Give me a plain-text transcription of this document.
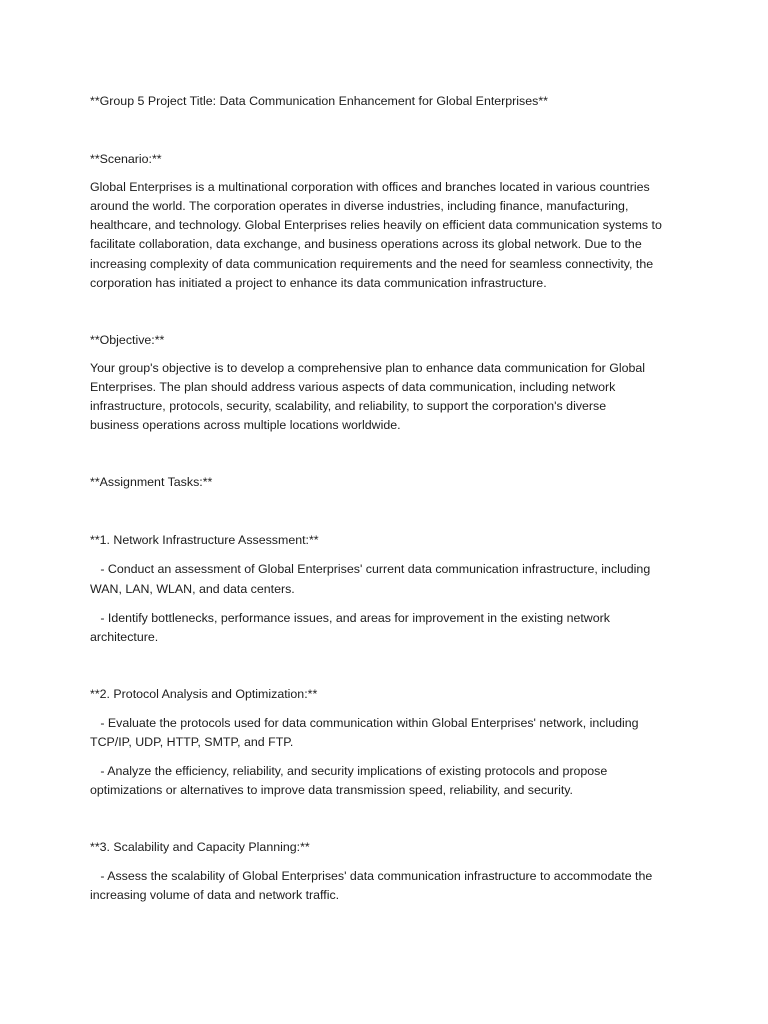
**Group 5 Project Title: Data Communication Enhancement for Global Enterprises**

**Scenario:**

Global Enterprises is a multinational corporation with offices and branches located in various countries
around the world. The corporation operates in diverse industries, including finance, manufacturing,
healthcare, and technology. Global Enterprises relies heavily on efficient data communication systems to
facilitate collaboration, data exchange, and business operations across its global network. Due to the
increasing complexity of data communication requirements and the need for seamless connectivity, the
corporation has initiated a project to enhance its data communication infrastructure.

**Objective:**

Your group's objective is to develop a comprehensive plan to enhance data communication for Global
Enterprises. The plan should address various aspects of data communication, including network
infrastructure, protocols, security, scalability, and reliability, to support the corporation's diverse
business operations across multiple locations worldwide.

**Assignment Tasks:**

**1. Network Infrastructure Assessment:**

- Conduct an assessment of Global Enterprises' current data communication infrastructure, including
WAN, LAN, WLAN, and data centers.

- Identify bottlenecks, performance issues, and areas for improvement in the existing network
architecture.

**2. Protocol Analysis and Optimization:**

- Evaluate the protocols used for data communication within Global Enterprises' network, including
TCP/IP, UDP, HTTP, SMTP, and FTP.

- Analyze the efficiency, reliability, and security implications of existing protocols and propose
optimizations or alternatives to improve data transmission speed, reliability, and security.

**3. Scalability and Capacity Planning:**

- Assess the scalability of Global Enterprises' data communication infrastructure to accommodate the
increasing volume of data and network traffic.
